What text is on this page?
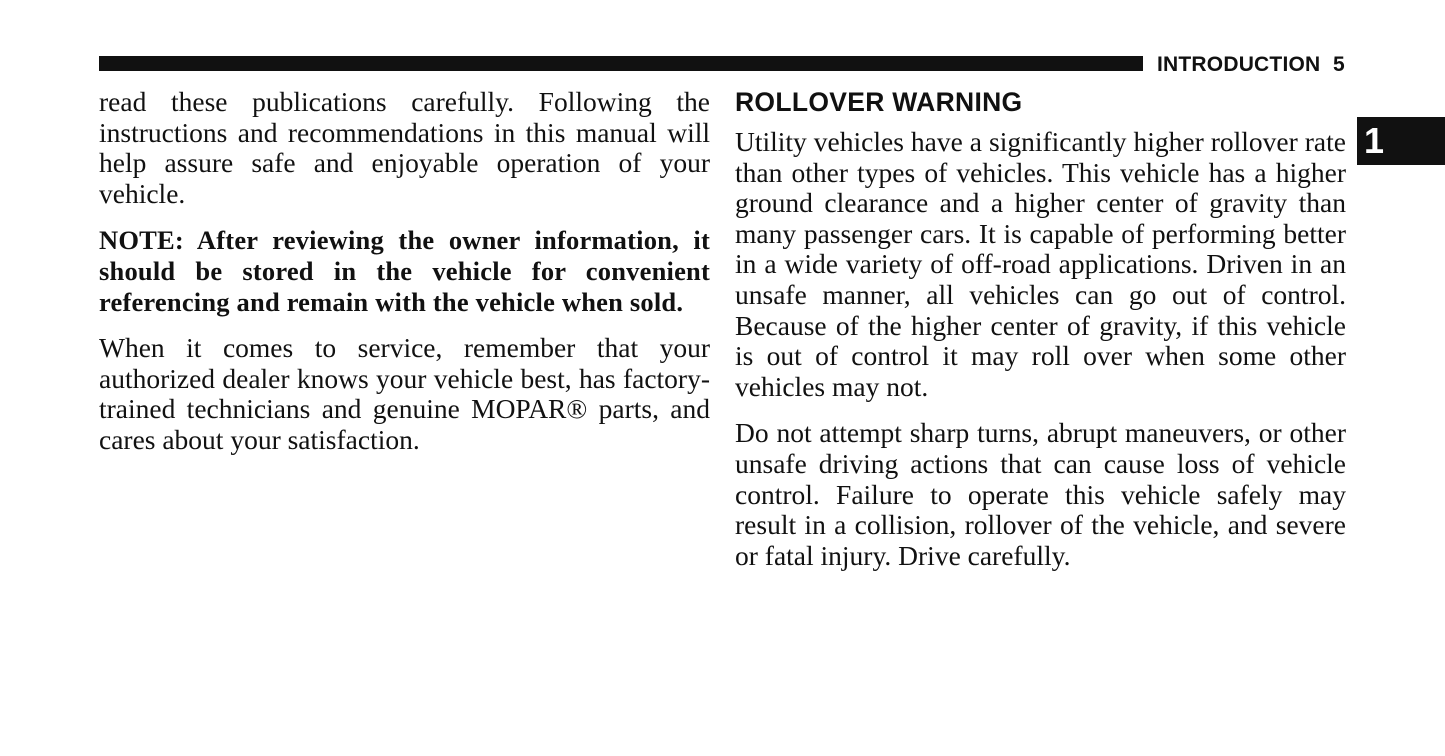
INTRODUCTION 5
1

read these publications carefully. Following the instructions and recommendations in this manual will help assure safe and enjoyable operation of your vehicle.

NOTE: After reviewing the owner information, it should be stored in the vehicle for convenient referencing and remain with the vehicle when sold.

When it comes to service, remember that your authorized dealer knows your vehicle best, has factory-trained technicians and genuine MOPAR® parts, and cares about your satisfaction.

ROLLOVER WARNING

Utility vehicles have a significantly higher rollover rate than other types of vehicles. This vehicle has a higher ground clearance and a higher center of gravity than many passenger cars. It is capable of performing better in a wide variety of off-road applications. Driven in an unsafe manner, all vehicles can go out of control. Because of the higher center of gravity, if this vehicle is out of control it may roll over when some other vehicles may not.

Do not attempt sharp turns, abrupt maneuvers, or other unsafe driving actions that can cause loss of vehicle control. Failure to operate this vehicle safely may result in a collision, rollover of the vehicle, and severe or fatal injury. Drive carefully.
